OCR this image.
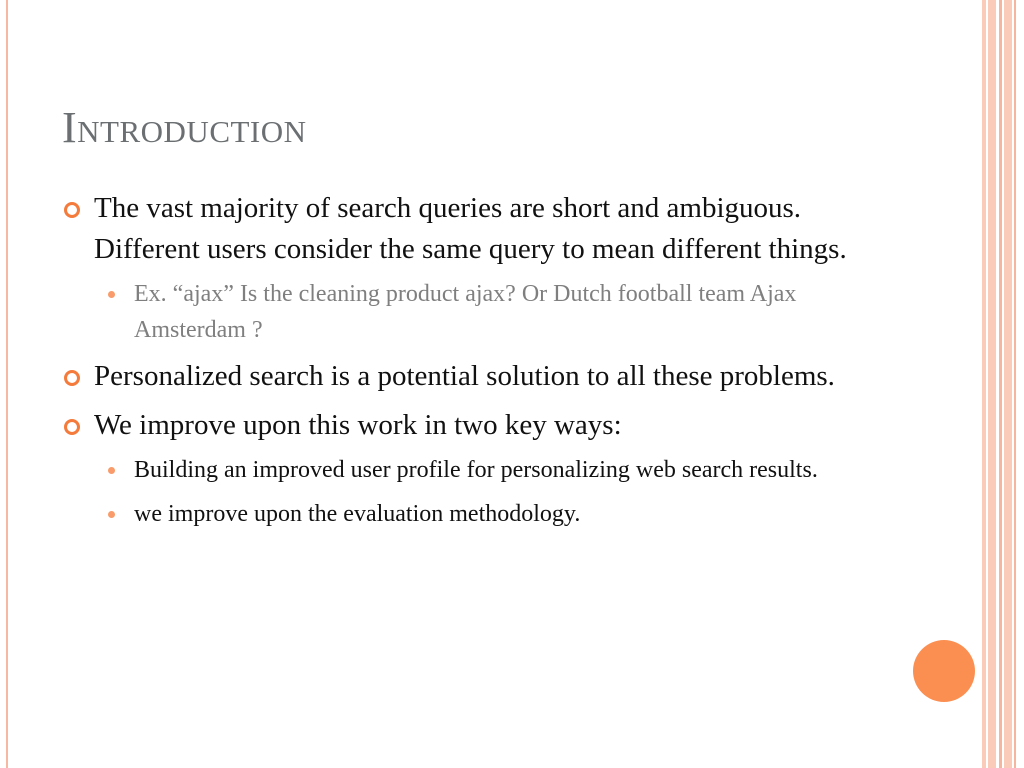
Introduction
The vast majority of search queries are short and ambiguous. Different users consider the same query to mean different things.
Ex. “ajax” Is the cleaning product ajax? Or Dutch football team Ajax Amsterdam ?
Personalized search is a potential solution to all these problems.
We improve upon this work in two key ways:
Building an improved user profile for personalizing web search results.
we improve upon the evaluation methodology.
